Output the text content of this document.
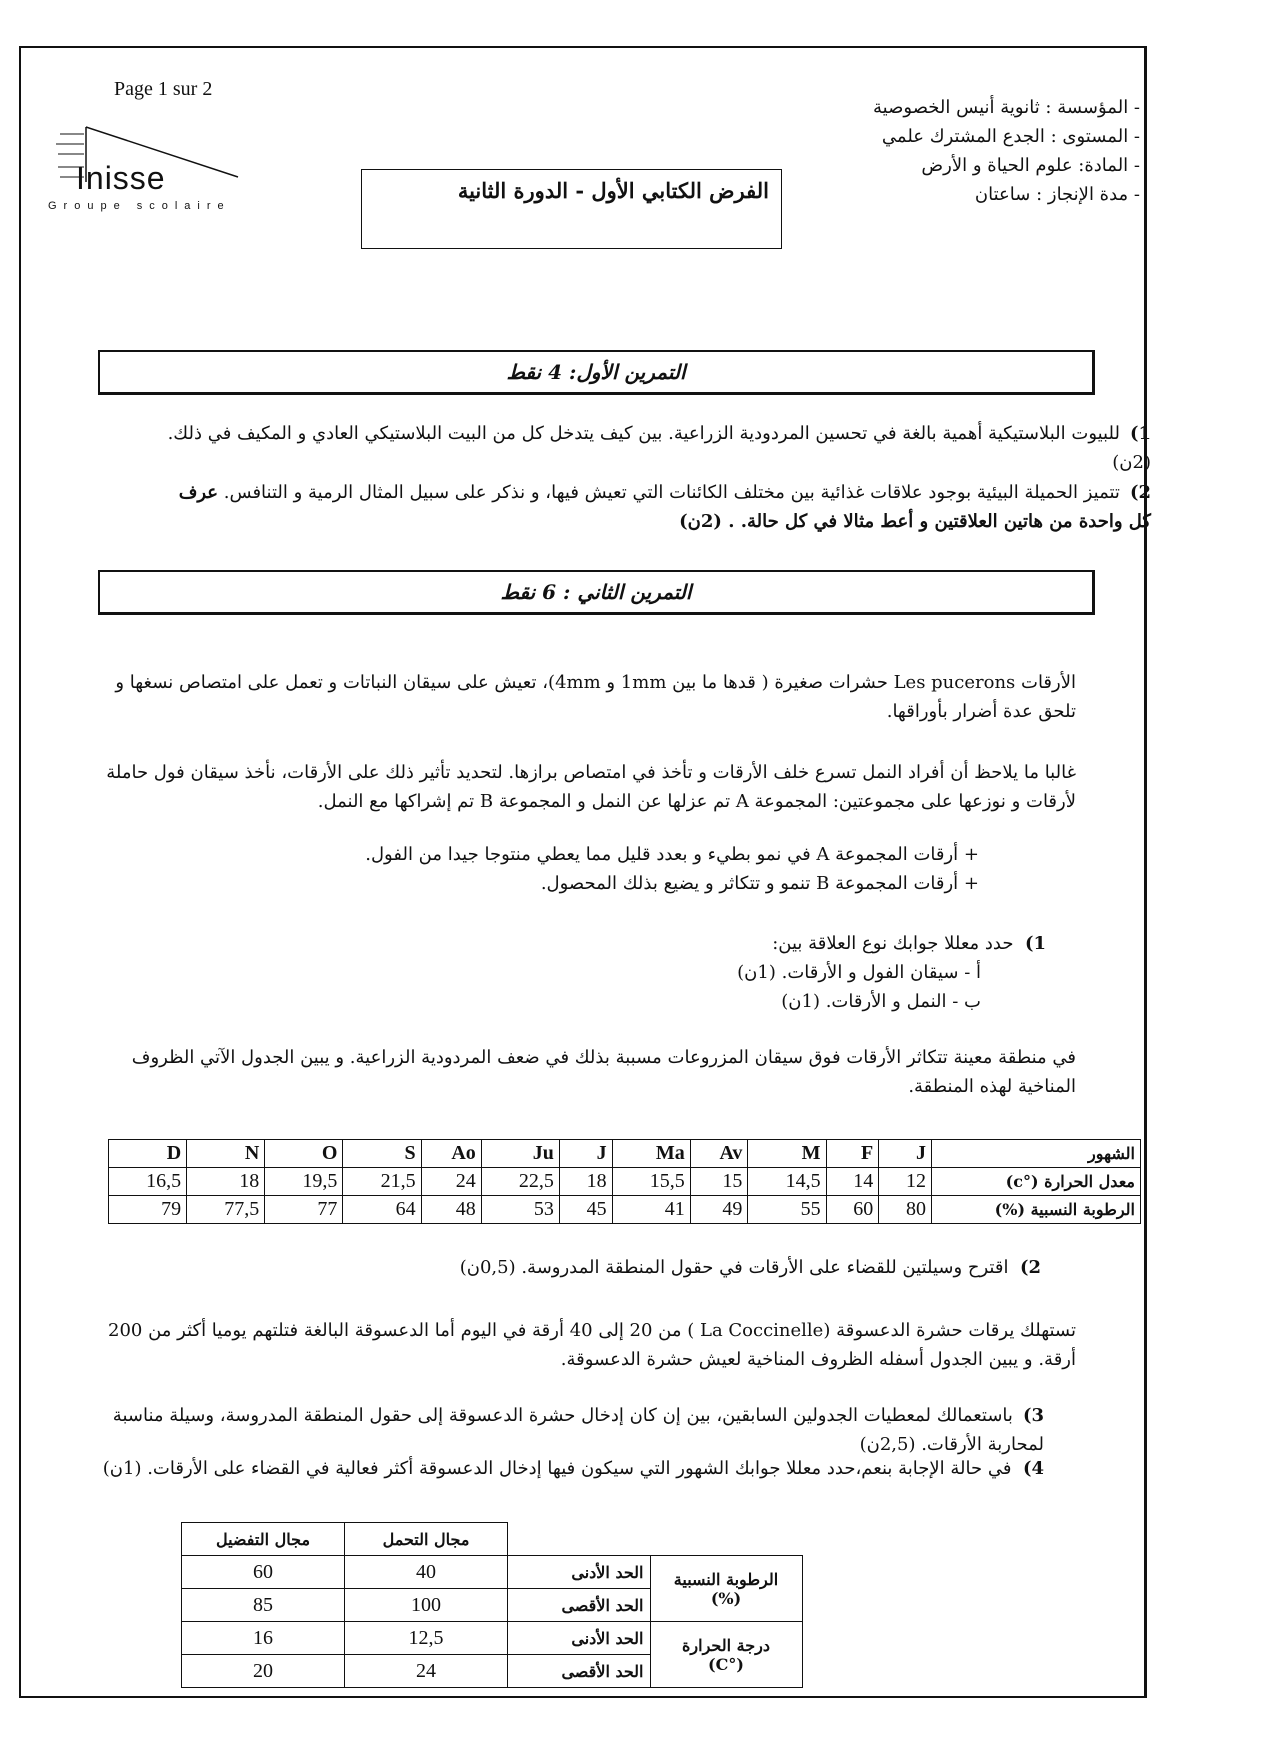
Page 1 sur 2
Inisse
Groupe scolaire
- المؤسسة : ثانوية أنيس الخصوصية
- المستوى : الجدع المشترك علمي
- المادة: علوم الحياة و الأرض
- مدة الإنجاز : ساعتان
الفرض الكتابي الأول - الدورة الثانية
التمرين الأول: 4 نقط
1)للبيوت البلاستيكية أهمية بالغة في تحسين المردودية الزراعية. بين كيف يتدخل كل من البيت البلاستيكي العادي و المكيف في ذلك. (2ن)
2)تتميز الحميلة البيئية بوجود علاقات غذائية بين مختلف الكائنات التي تعيش فيها، و نذكر على سبيل المثال الرمية و التنافس. عرف كل واحدة من هاتين العلاقتين و أعط مثالا في كل حالة. . (2ن)
التمرين الثاني : 6 نقط
الأرقات Les pucerons حشرات صغيرة ( قدها ما بين 1mm و 4mm)، تعيش على سيقان النباتات و تعمل على امتصاص نسغها و تلحق عدة أضرار بأوراقها.
غالبا ما يلاحظ أن أفراد النمل تسرع خلف الأرقات و تأخذ في امتصاص برازها. لتحديد تأثير ذلك على الأرقات، نأخذ سيقان فول حاملة لأرقات و نوزعها على مجموعتين: المجموعة A تم عزلها عن النمل و المجموعة B تم إشراكها مع النمل.
+ أرقات المجموعة A في نمو بطيء و بعدد قليل مما يعطي منتوجا جيدا من الفول.
+ أرقات المجموعة B تنمو و تتكاثر و يضيع بذلك المحصول.
1)  حدد معللا جوابك نوع العلاقة بين:
أ - سيقان الفول و الأرقات. (1ن)
ب - النمل و الأرقات. (1ن)
في منطقة معينة تتكاثر الأرقات فوق سيقان المزروعات مسببة بذلك في ضعف المردودية الزراعية. و يبين الجدول الآتي الظروف المناخية لهذه المنطقة.
D	N	O	S	Ao	Ju	J	Ma	Av	M	F	J	الشهور
16,5	18	19,5	21,5	24	22,5	18	15,5	15	14,5	14	12	معدل الحرارة (°c)
79	77,5	77	64	48	53	45	41	49	55	60	80	الرطوبة النسبية (%)
2)  اقترح وسيلتين للقضاء على الأرقات في حقول المنطقة المدروسة. (0,5ن)
تستهلك يرقات حشرة الدعسوقة (La Coccinelle ) من 20 إلى 40 أرقة في اليوم أما الدعسوقة البالغة فتلتهم يوميا أكثر من 200 أرقة. و يبين الجدول أسفله الظروف المناخية لعيش حشرة الدعسوقة.
3)باستعمالك لمعطيات الجدولين السابقين، بين إن كان إدخال حشرة الدعسوقة إلى حقول المنطقة المدروسة، وسيلة مناسبة لمحاربة الأرقات. (2,5ن)
4)  في حالة الإجابة بنعم،حدد معللا جوابك الشهور التي سيكون فيها إدخال الدعسوقة أكثر فعالية في القضاء على الأرقات. (1ن)
مجال التفضيل	مجال التحمل		
60	40	الحد الأدنى	الرطوبة النسبية
(%)

85	100	الحد الأقصى	
16	12,5	الحد الأدنى	درجة الحرارة
(°C)

20	24	الحد الأقصى	
